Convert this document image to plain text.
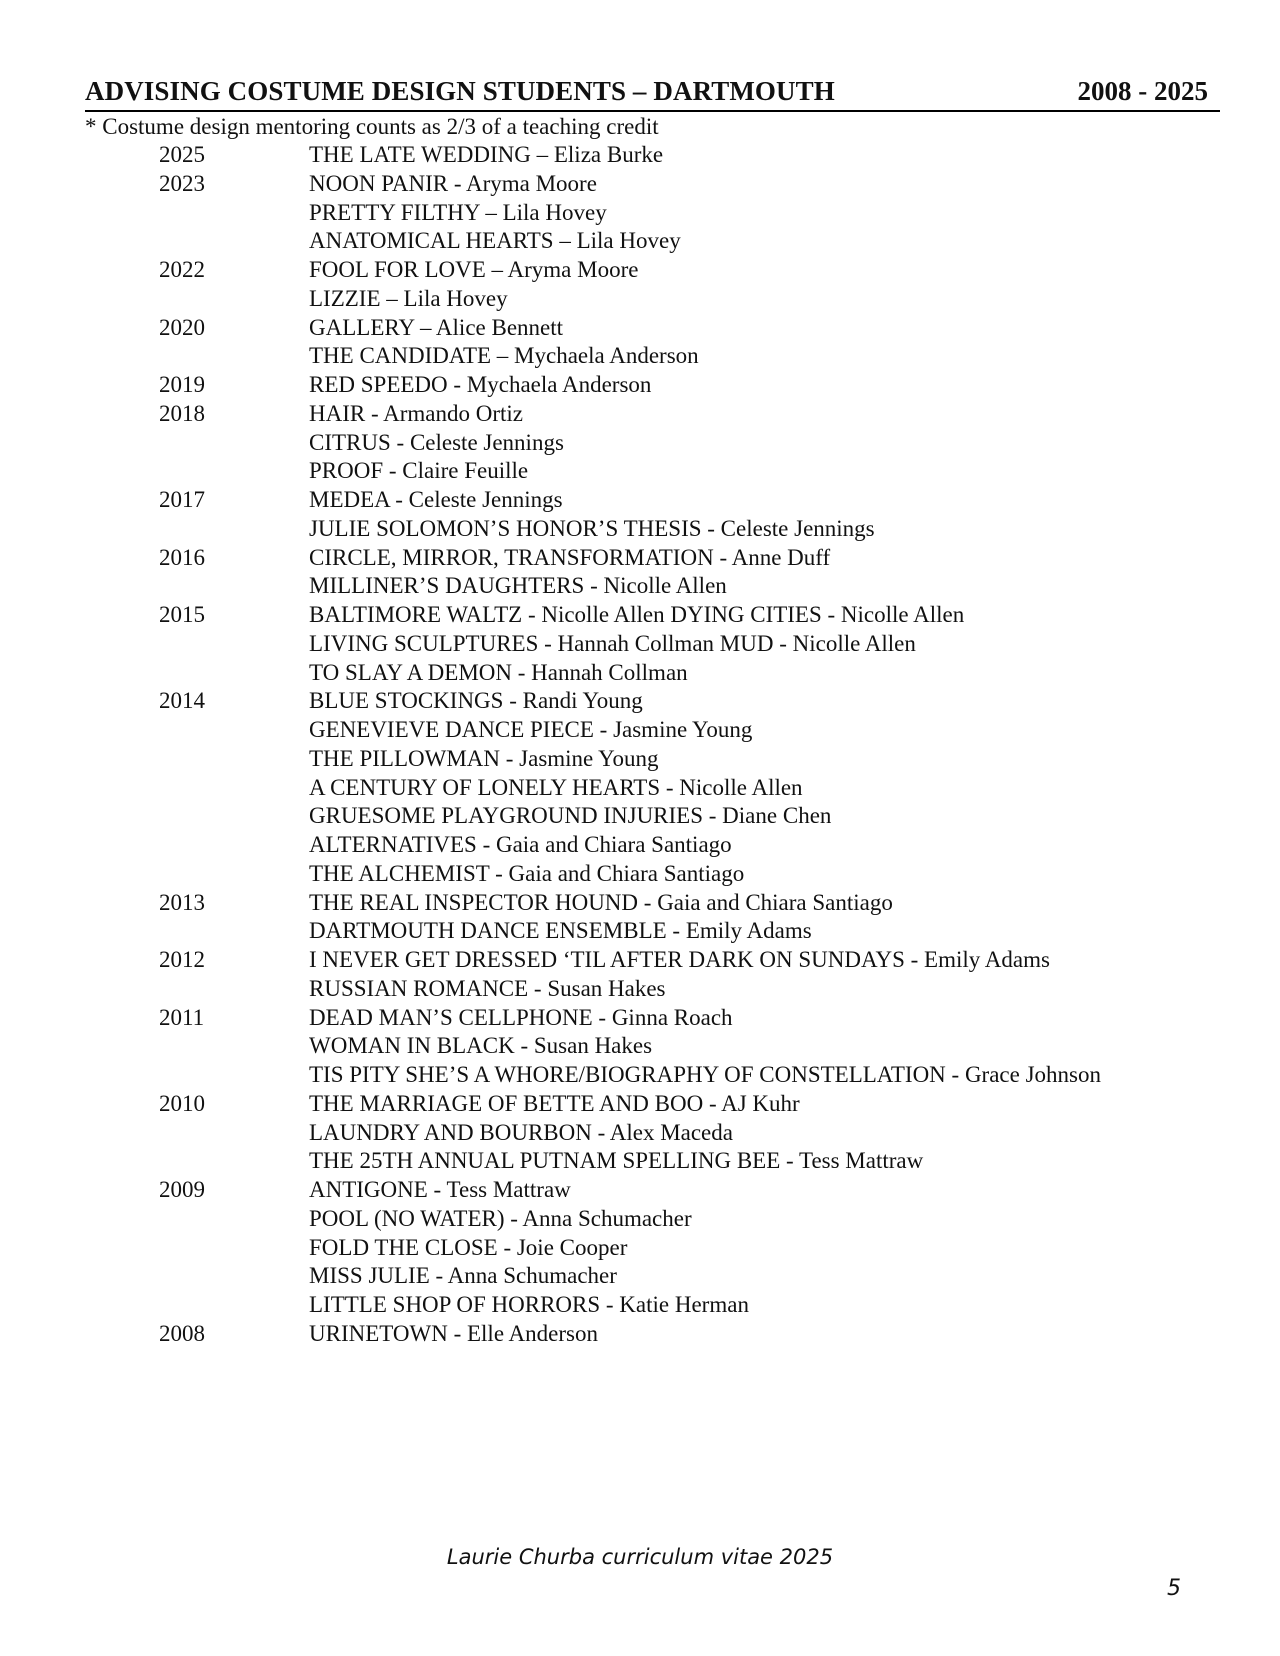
ADVISING COSTUME DESIGN STUDENTS – DARTMOUTH	2008 - 2025
* Costume design mentoring counts as 2/3 of a teaching credit
2025	THE LATE WEDDING – Eliza Burke
2023	NOON PANIR - Aryma Moore
PRETTY FILTHY – Lila Hovey
ANATOMICAL HEARTS – Lila Hovey
2022	FOOL FOR LOVE – Aryma Moore
LIZZIE – Lila Hovey
2020	GALLERY – Alice Bennett
THE CANDIDATE – Mychaela Anderson
2019	RED SPEEDO - Mychaela Anderson
2018	HAIR - Armando Ortiz
CITRUS - Celeste Jennings
PROOF - Claire Feuille
2017	MEDEA - Celeste Jennings
JULIE SOLOMON’S HONOR’S THESIS - Celeste Jennings
2016	CIRCLE, MIRROR, TRANSFORMATION - Anne Duff
MILLINER’S DAUGHTERS - Nicolle Allen
2015	BALTIMORE WALTZ - Nicolle Allen DYING CITIES - Nicolle Allen
LIVING SCULPTURES - Hannah Collman MUD - Nicolle Allen
TO SLAY A DEMON - Hannah Collman
2014	BLUE STOCKINGS - Randi Young
GENEVIEVE DANCE PIECE - Jasmine Young
THE PILLOWMAN - Jasmine Young
A CENTURY OF LONELY HEARTS - Nicolle Allen
GRUESOME PLAYGROUND INJURIES - Diane Chen
ALTERNATIVES - Gaia and Chiara Santiago
THE ALCHEMIST - Gaia and Chiara Santiago
2013	THE REAL INSPECTOR HOUND - Gaia and Chiara Santiago
DARTMOUTH DANCE ENSEMBLE - Emily Adams
2012	I NEVER GET DRESSED ‘TIL AFTER DARK ON SUNDAYS - Emily Adams
RUSSIAN ROMANCE - Susan Hakes
2011	DEAD MAN’S CELLPHONE - Ginna Roach
WOMAN IN BLACK - Susan Hakes
TIS PITY SHE’S A WHORE/BIOGRAPHY OF CONSTELLATION - Grace Johnson
2010	THE MARRIAGE OF BETTE AND BOO - AJ Kuhr
LAUNDRY AND BOURBON - Alex Maceda
THE 25TH ANNUAL PUTNAM SPELLING BEE - Tess Mattraw
2009	ANTIGONE - Tess Mattraw
POOL (NO WATER) - Anna Schumacher
FOLD THE CLOSE - Joie Cooper
MISS JULIE - Anna Schumacher
LITTLE SHOP OF HORRORS - Katie Herman
2008	URINETOWN - Elle Anderson
Laurie Churba curriculum vitae 2025
5
